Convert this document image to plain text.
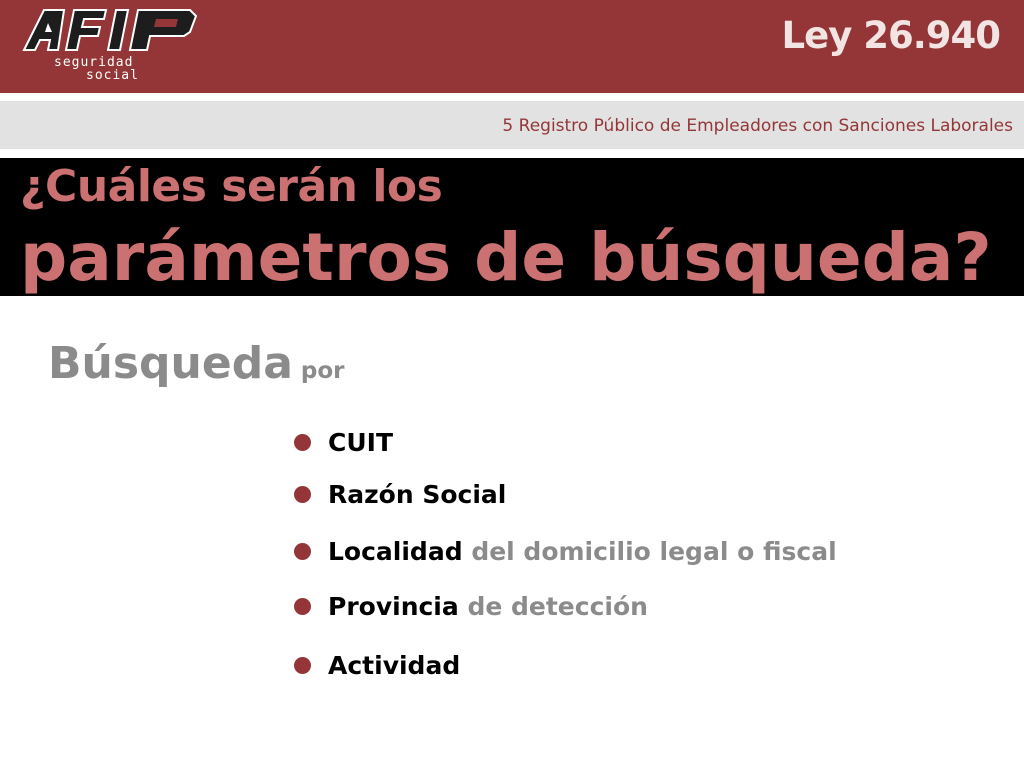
seguridad
social
Ley 26.940
5 Registro Público de Empleadores con Sanciones Laborales
¿Cuáles serán los
parámetros de búsqueda?
Búsqueda por
CUIT
Razón Social
Localidad del domicilio legal o fiscal
Provincia de detección
Actividad
